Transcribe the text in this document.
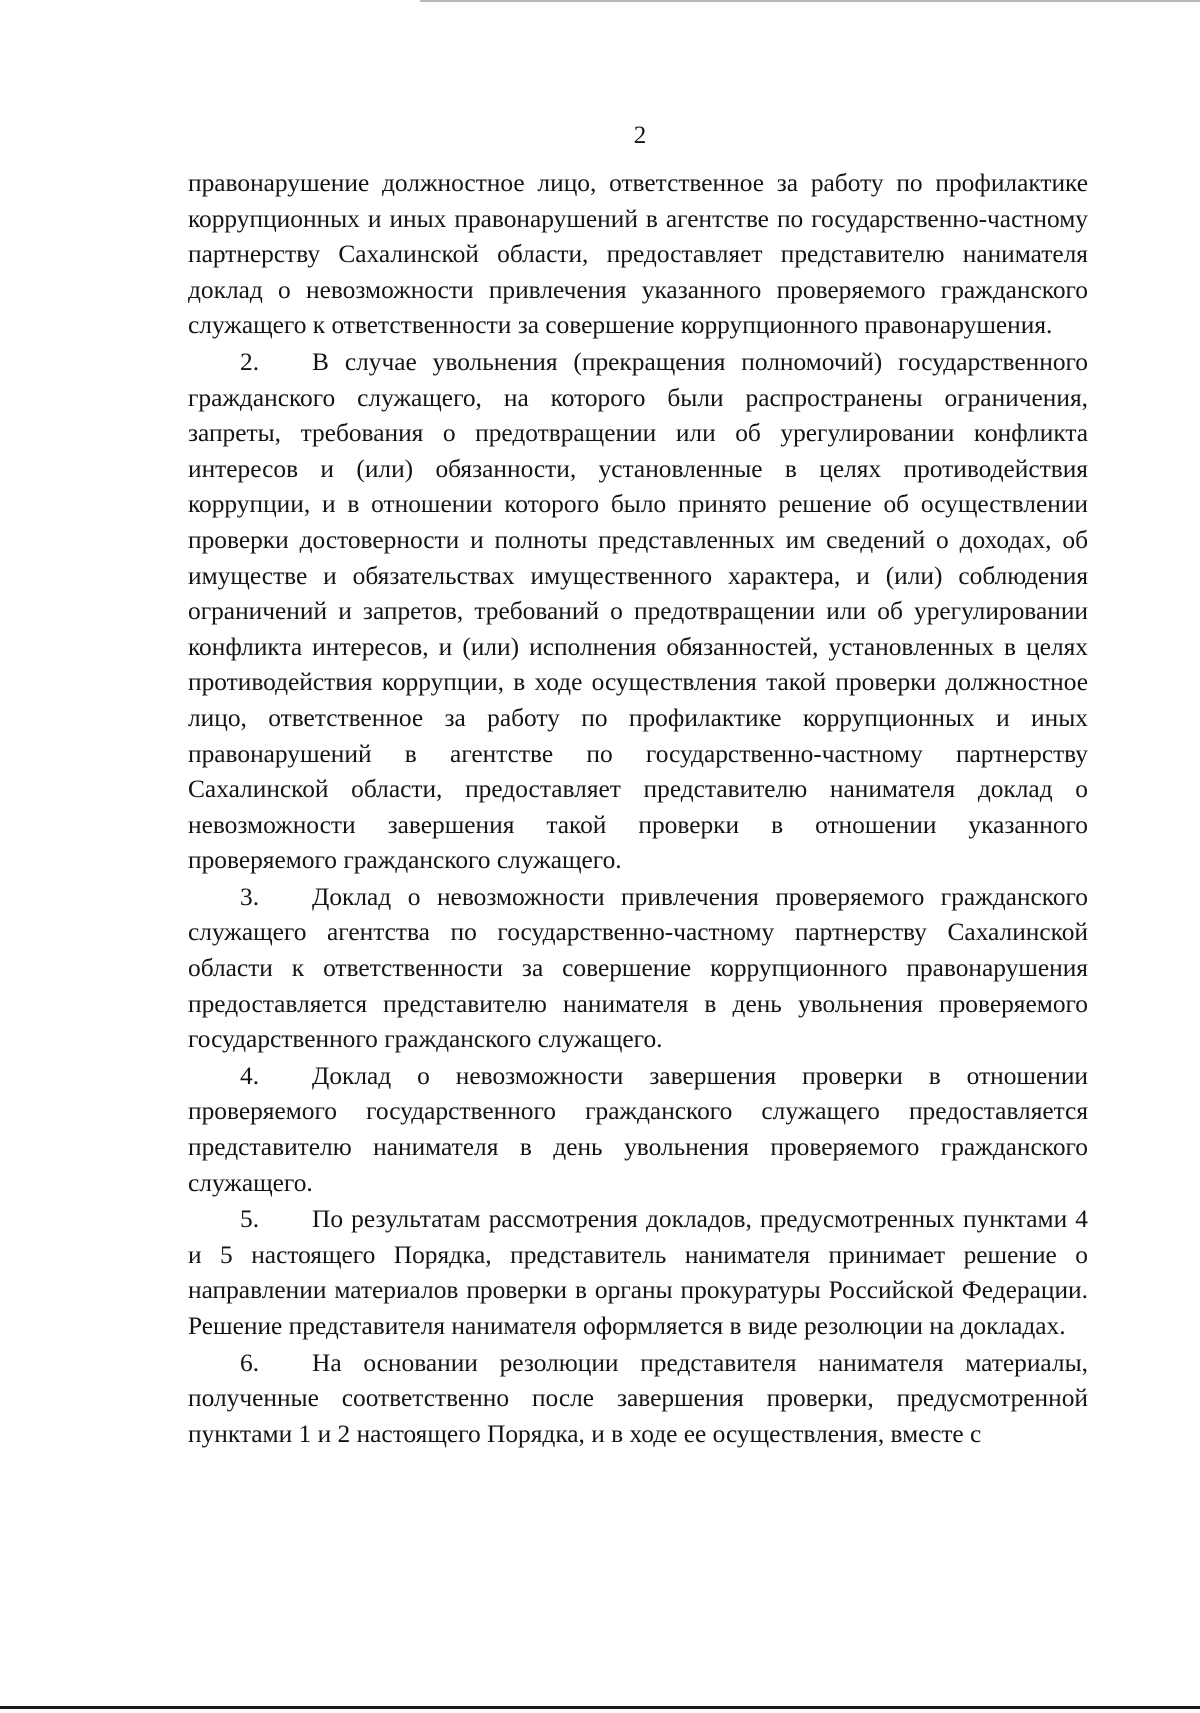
2

правонарушение должностное лицо, ответственное за работу по профилактике коррупционных и иных правонарушений в агентстве по государственно-частному партнерству Сахалинской области, предоставляет представителю нанимателя доклад о невозможности привлечения указанного проверяемого гражданского служащего к ответственности за совершение коррупционного правонарушения.

2. В случае увольнения (прекращения полномочий) государственного гражданского служащего, на которого были распространены ограничения, запреты, требования о предотвращении или об урегулировании конфликта интересов и (или) обязанности, установленные в целях противодействия коррупции, и в отношении которого было принято решение об осуществлении проверки достоверности и полноты представленных им сведений о доходах, об имуществе и обязательствах имущественного характера, и (или) соблюдения ограничений и запретов, требований о предотвращении или об урегулировании конфликта интересов, и (или) исполнения обязанностей, установленных в целях противодействия коррупции, в ходе осуществления такой проверки должностное лицо, ответственное за работу по профилактике коррупционных и иных правонарушений в агентстве по государственно-частному партнерству Сахалинской области, предоставляет представителю нанимателя доклад о невозможности завершения такой проверки в отношении указанного проверяемого гражданского служащего.

3. Доклад о невозможности привлечения проверяемого гражданского служащего агентства по государственно-частному партнерству Сахалинской области к ответственности за совершение коррупционного правонарушения предоставляется представителю нанимателя в день увольнения проверяемого государственного гражданского служащего.

4. Доклад о невозможности завершения проверки в отношении проверяемого государственного гражданского служащего предоставляется представителю нанимателя в день увольнения проверяемого гражданского служащего.

5. По результатам рассмотрения докладов, предусмотренных пунктами 4 и 5 настоящего Порядка, представитель нанимателя принимает решение о направлении материалов проверки в органы прокуратуры Российской Федерации. Решение представителя нанимателя оформляется в виде резолюции на докладах.

6. На основании резолюции представителя нанимателя материалы, полученные соответственно после завершения проверки, предусмотренной пунктами 1 и 2 настоящего Порядка, и в ходе ее осуществления, вместе с
